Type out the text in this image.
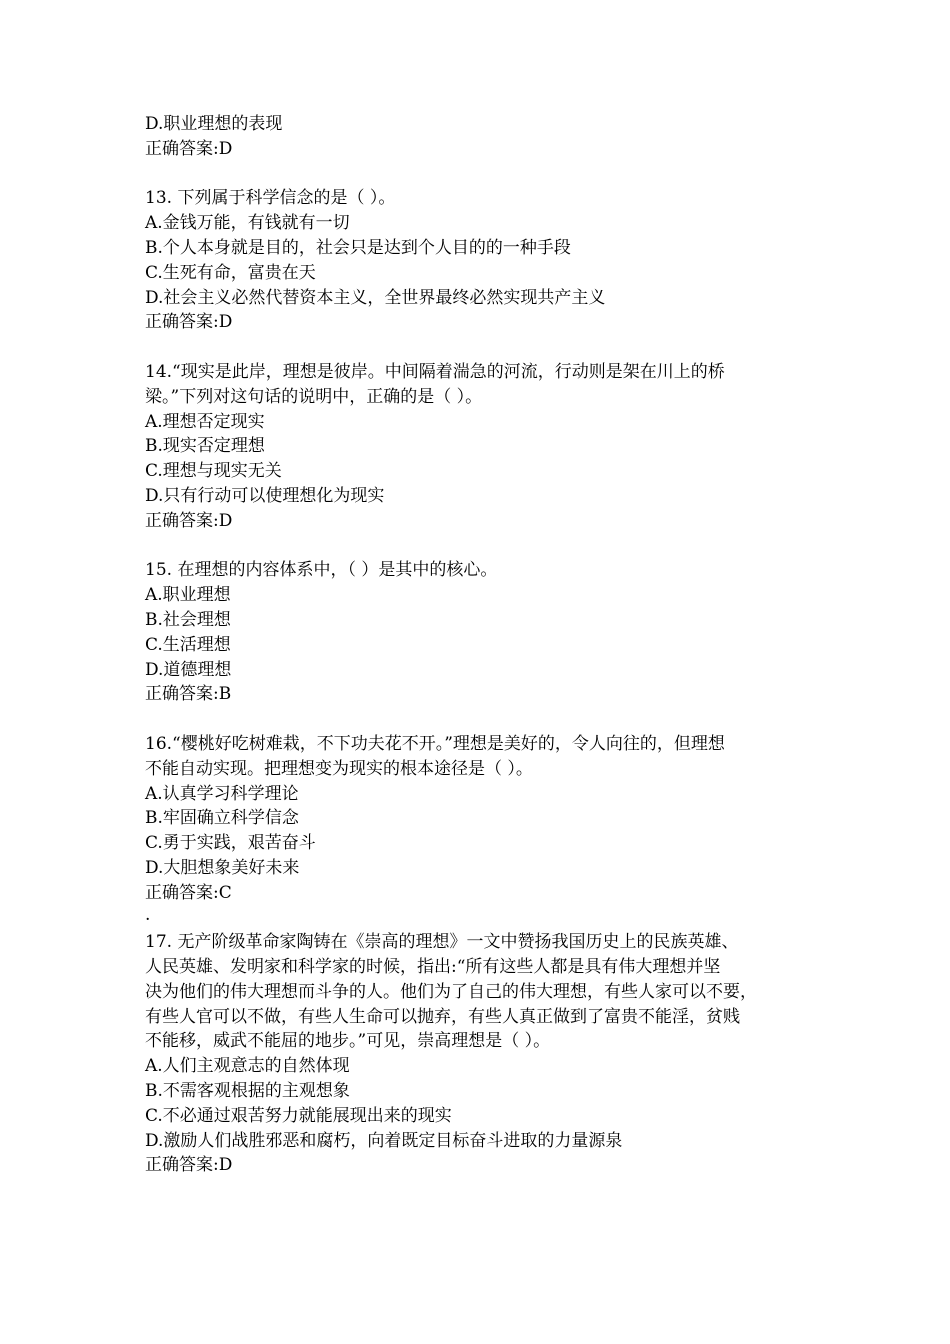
D.职业理想的表现
正确答案:D
13. 下列属于科学信念的是（ ）。
A.金钱万能，有钱就有一切
B.个人本身就是目的，社会只是达到个人目的的一种手段
C.生死有命，富贵在天
D.社会主义必然代替资本主义，全世界最终必然实现共产主义
正确答案:D
14.“现实是此岸，理想是彼岸。中间隔着湍急的河流，行动则是架在川上的桥
梁。”下列对这句话的说明中，正确的是（ ）。
A.理想否定现实
B.现实否定理想
C.理想与现实无关
D.只有行动可以使理想化为现实
正确答案:D
15. 在理想的内容体系中，（ ）是其中的核心。
A.职业理想
B.社会理想
C.生活理想
D.道德理想
正确答案:B
16.“樱桃好吃树难栽，不下功夫花不开。”理想是美好的，令人向往的，但理想
不能自动实现。把理想变为现实的根本途径是（ ）。
A.认真学习科学理论
B.牢固确立科学信念
C.勇于实践，艰苦奋斗
D.大胆想象美好未来
正确答案:C
.
17. 无产阶级革命家陶铸在《崇高的理想》一文中赞扬我国历史上的民族英雄、
人民英雄、发明家和科学家的时候，指出:“所有这些人都是具有伟大理想并坚
决为他们的伟大理想而斗争的人。他们为了自己的伟大理想，有些人家可以不要，
有些人官可以不做，有些人生命可以抛弃，有些人真正做到了富贵不能淫，贫贱
不能移，威武不能屈的地步。”可见，崇高理想是（ ）。
A.人们主观意志的自然体现
B.不需客观根据的主观想象
C.不必通过艰苦努力就能展现出来的现实
D.激励人们战胜邪恶和腐朽，向着既定目标奋斗进取的力量源泉
正确答案:D
